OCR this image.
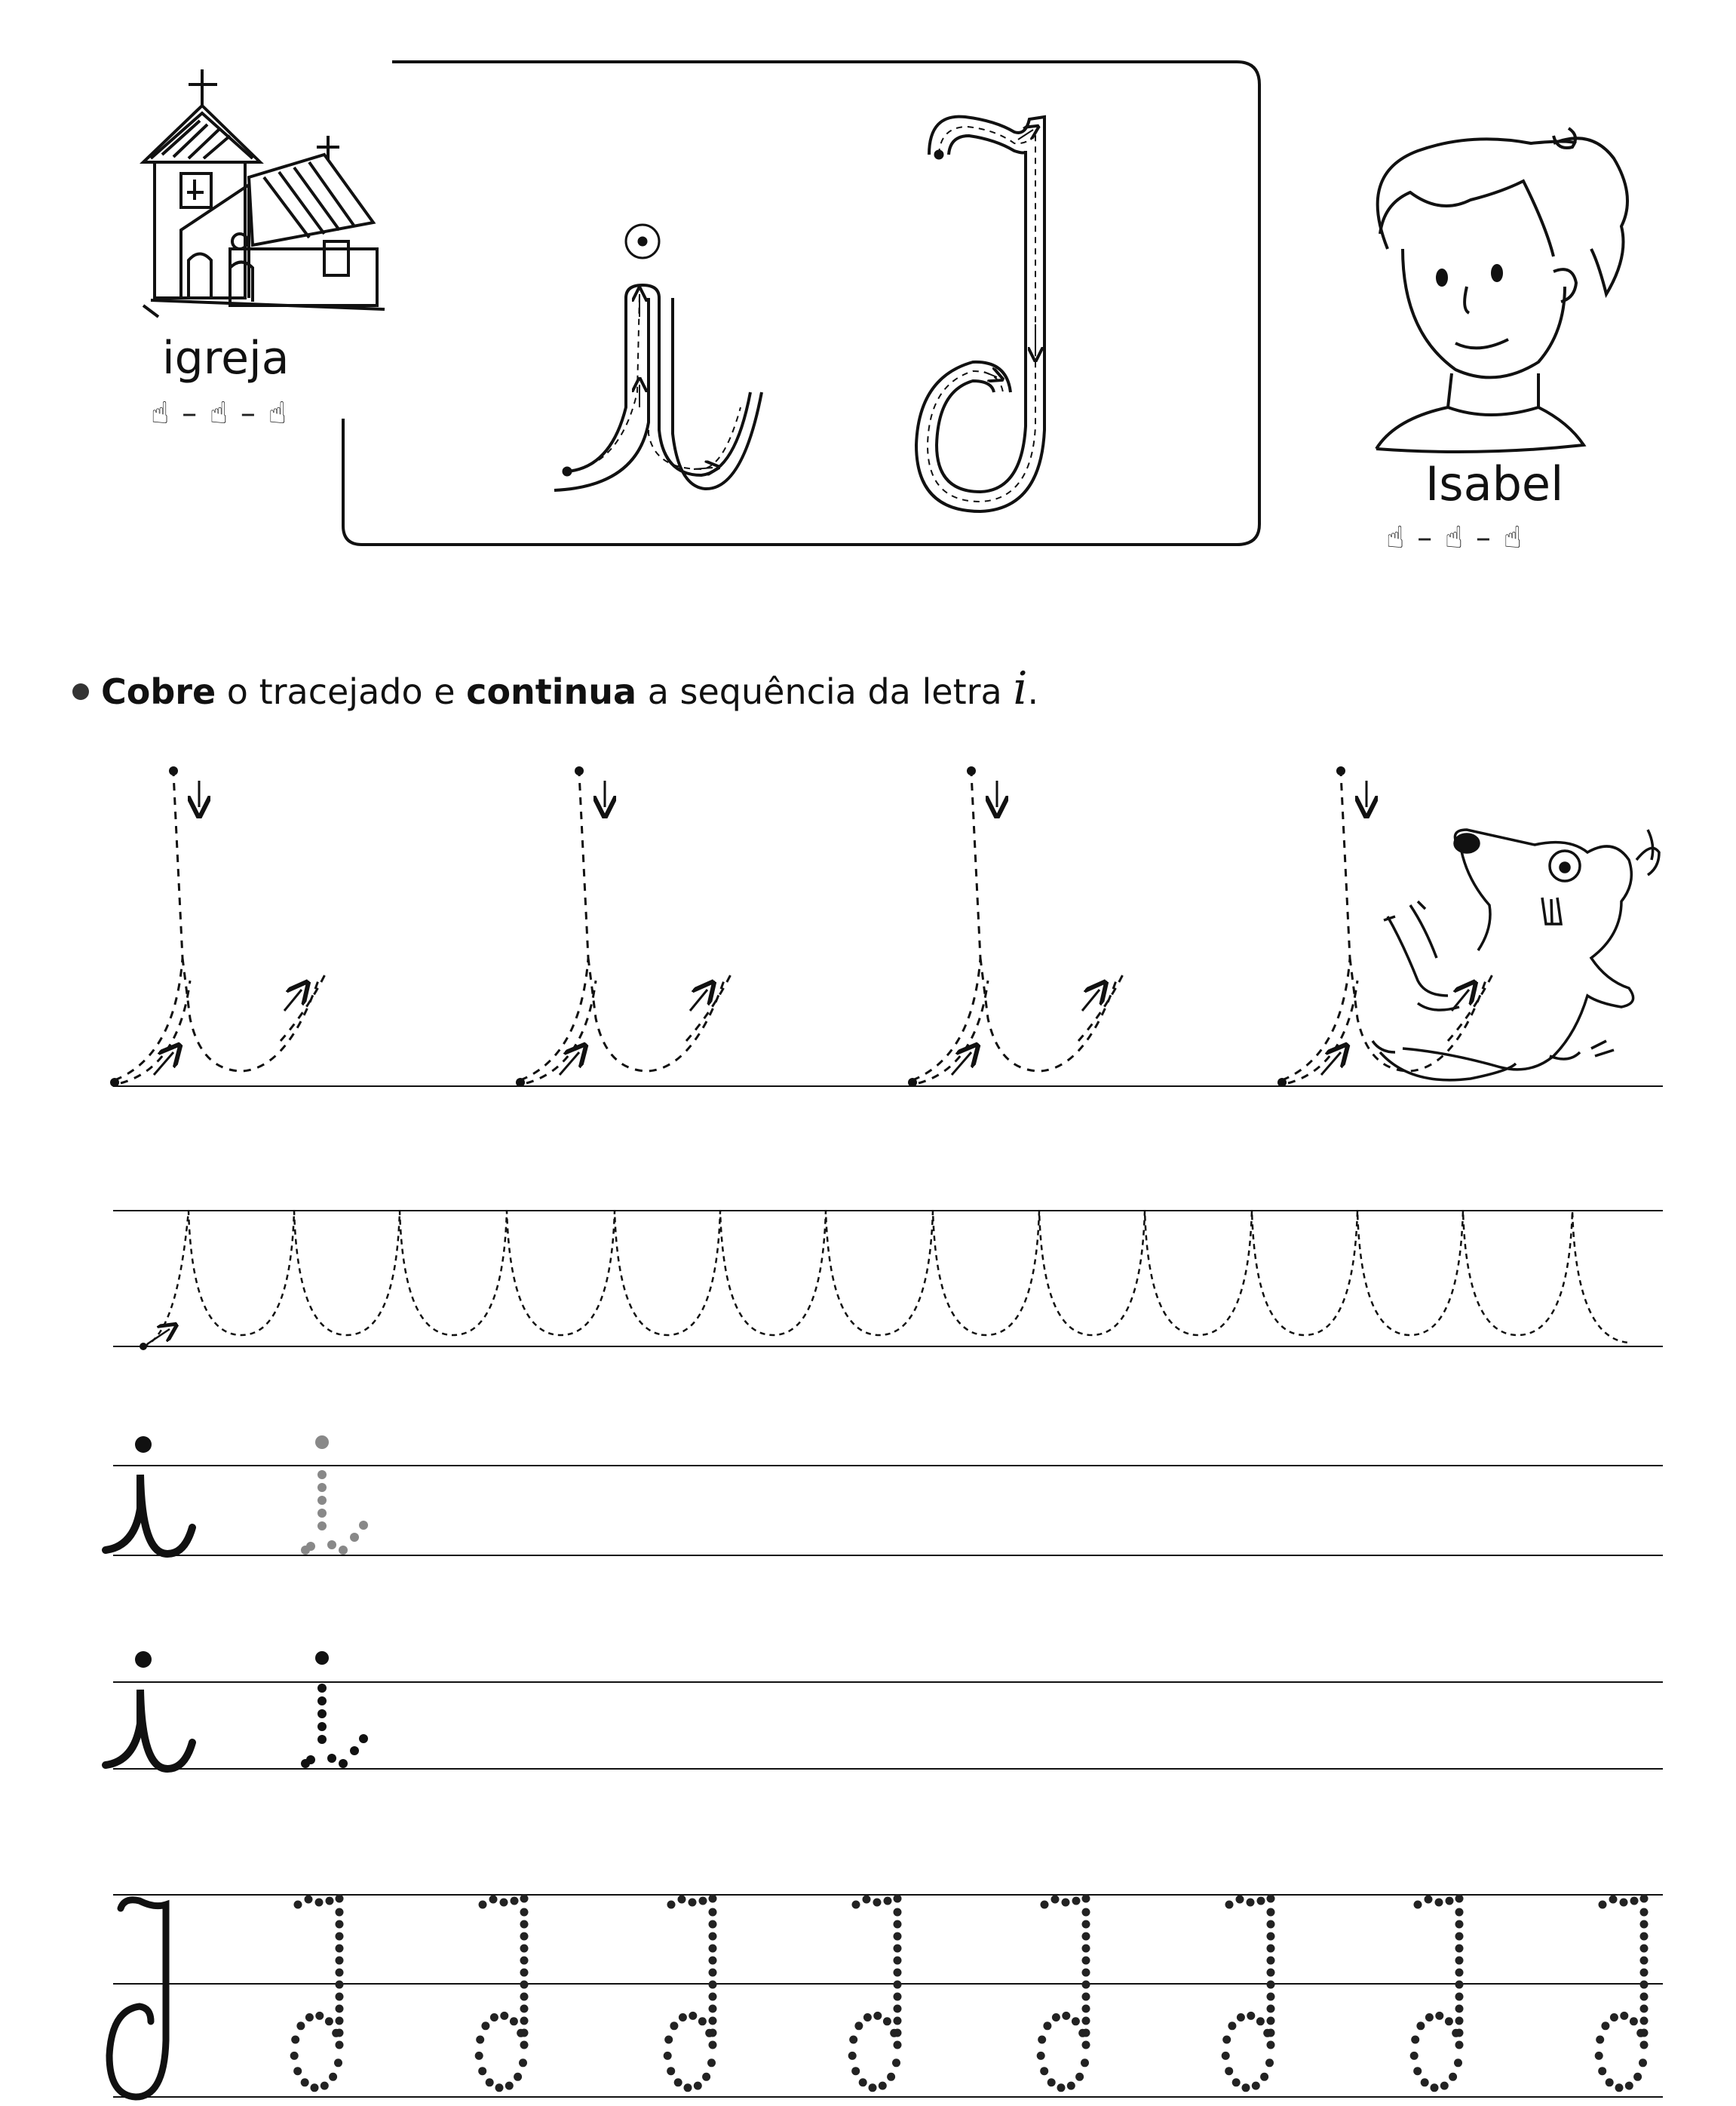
igreja
☝ – ☝ – ☝
Isabel
☝ – ☝ – ☝
Cobre o tracejado e continua a sequência da letra i.
